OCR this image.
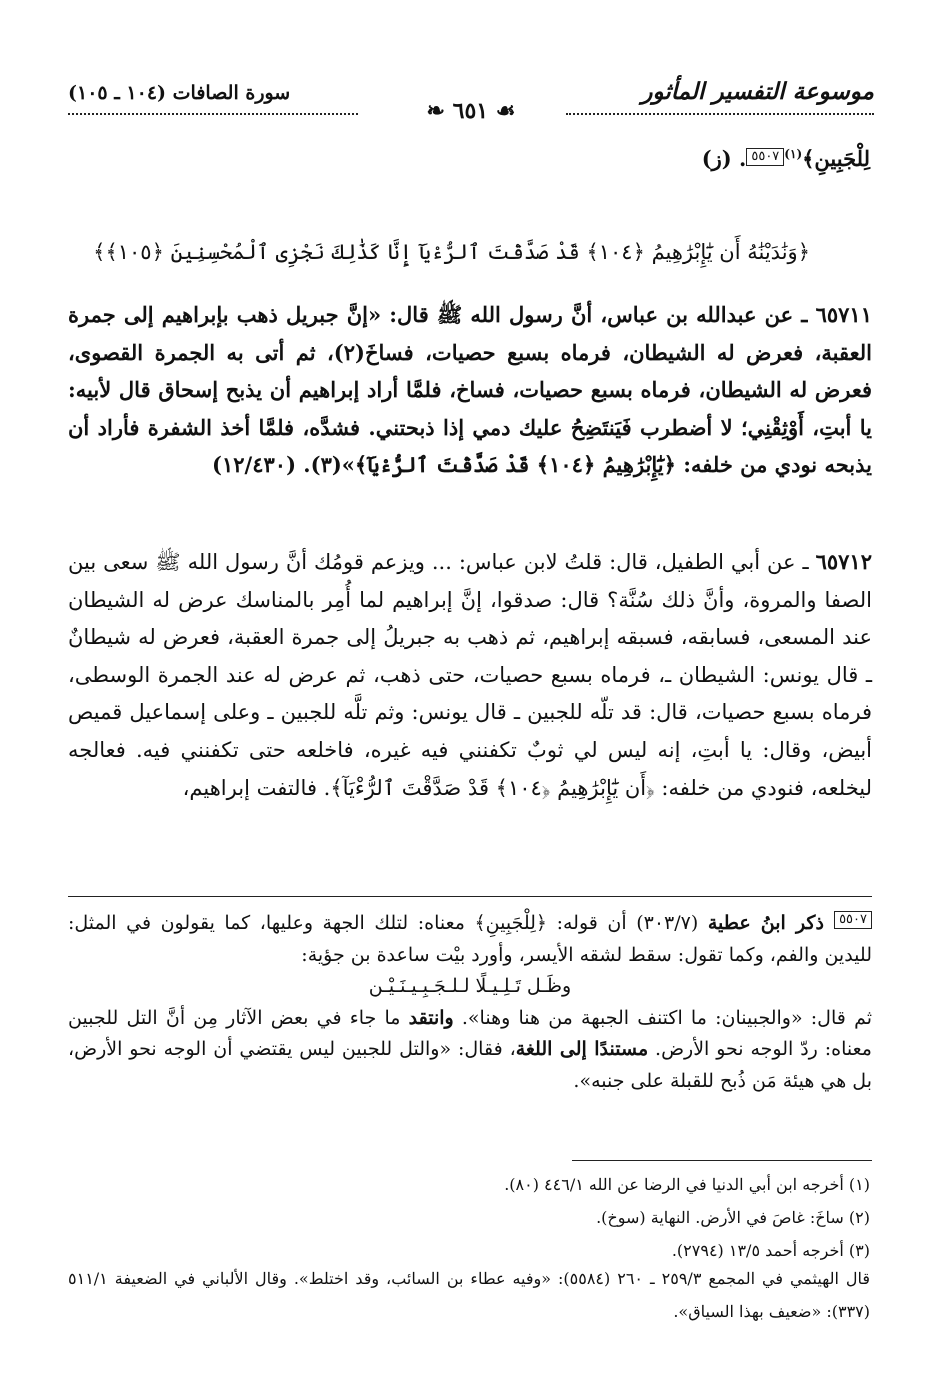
موسوعة التفسير المأثور
سورة الصافات (١٠٤ ـ ١٠٥)
❧ ٦٥١ ☙
لِلْجَبِينِ﴾$^{(١)}$٥٥٠٧. (ز)
﴿وَنَٰدَيْنَٰهُ أَن يَٰٓإِبْرَٰهِيمُ ﴿١٠٤﴾ قَدْ صَدَّقْتَ ٱلرُّءْيَآ إِنَّا كَذَٰلِكَ نَجْزِى ٱلْمُحْسِنِينَ ﴿١٠٥﴾﴾
٦٥٧١١ ـ عن عبدالله بن عباس، أنَّ رسول الله ﷺ قال: «إنَّ جبريل ذهب بإبراهيم إلى جمرة العقبة، فعرض له الشيطان، فرماه بسبع حصيات، فساخَ(٢)، ثم أتى به الجمرة القصوى، فعرض له الشيطان، فرماه بسبع حصيات، فساخ، فلمَّا أراد إبراهيم أن يذبح إسحاق قال لأبيه: يا أبتِ، أَوْثِقْنِي؛ لا أضطرب فَيَنتَضِحُ عليك دمي إذا ذبحتني. فشدَّه، فلمَّا أخذ الشفرة فأراد أن يذبحه نودي من خلفه: ﴿يَٰٓإِبْرَٰهِيمُ ﴿١٠٤﴾ قَدْ صَدَّقْتَ ٱلرُّءْيَآ﴾»(٣). (١٢/٤٣٠)
٦٥٧١٢ ـ عن أبي الطفيل، قال: قلتُ لابن عباس: ... ويزعم قومُك أنَّ رسول الله ﷺ سعى بين الصفا والمروة، وأنَّ ذلك سُنَّة؟ قال: صدقوا، إنَّ إبراهيم لما أُمِر بالمناسك عرض له الشيطان عند المسعى، فسابقه، فسبقه إبراهيم، ثم ذهب به جبريلُ إلى جمرة العقبة، فعرض له شيطانٌ ـ قال يونس: الشيطان ـ، فرماه بسبع حصيات، حتى ذهب، ثم عرض له عند الجمرة الوسطى، فرماه بسبع حصيات، قال: قد تلّه للجبين ـ قال يونس: وثم تلَّه للجبين ـ وعلى إسماعيل قميص أبيض، وقال: يا أبتِ، إنه ليس لي ثوبٌ تكفنني فيه غيره، فاخلعه حتى تكفنني فيه. فعالجه ليخلعه، فنودي من خلفه: ﴿أَن يَٰٓإِبْرَٰهِيمُ ﴿١٠٤﴾ قَدْ صَدَّقْتَ ٱلرُّءْيَآ﴾. فالتفت إبراهيم،
٥٥٠٧ ذكر ابنُ عطية (٣٠٣/٧) أن قوله: ﴿لِلْجَبِينِ﴾ معناه: لتلك الجهة وعليها، كما يقولون في المثل: لليدين والفم، وكما تقول: سقط لشقه الأيسر، وأورد بيْت ساعدة بن جؤية:
وظَـل تَـلِـيـلًا لـلـجَـبِـيـنَـيْـن
ثم قال: «والجبينان: ما اكتنف الجبهة من هنا وهنا». وانتقد ما جاء في بعض الآثار مِن أنَّ التل للجبين معناه: ردّ الوجه نحو الأرض. مستندًا إلى اللغة، فقال: «والتل للجبين ليس يقتضي أن الوجه نحو الأرض، بل هي هيئة مَن ذُبح للقبلة على جنبه».
(١) أخرجه ابن أبي الدنيا في الرضا عن الله ٤٤٦/١ (٨٠).
(٢) ساخَ: غاصَ في الأرض. النهاية (سوخ).
(٣) أخرجه أحمد ١٣/٥ (٢٧٩٤).
قال الهيثمي في المجمع ٢٥٩/٣ ـ ٢٦٠ (٥٥٨٤): «وفيه عطاء بن السائب، وقد اختلط». وقال الألباني في الضعيفة ٥١١/١ (٣٣٧): «ضعيف بهذا السياق».
